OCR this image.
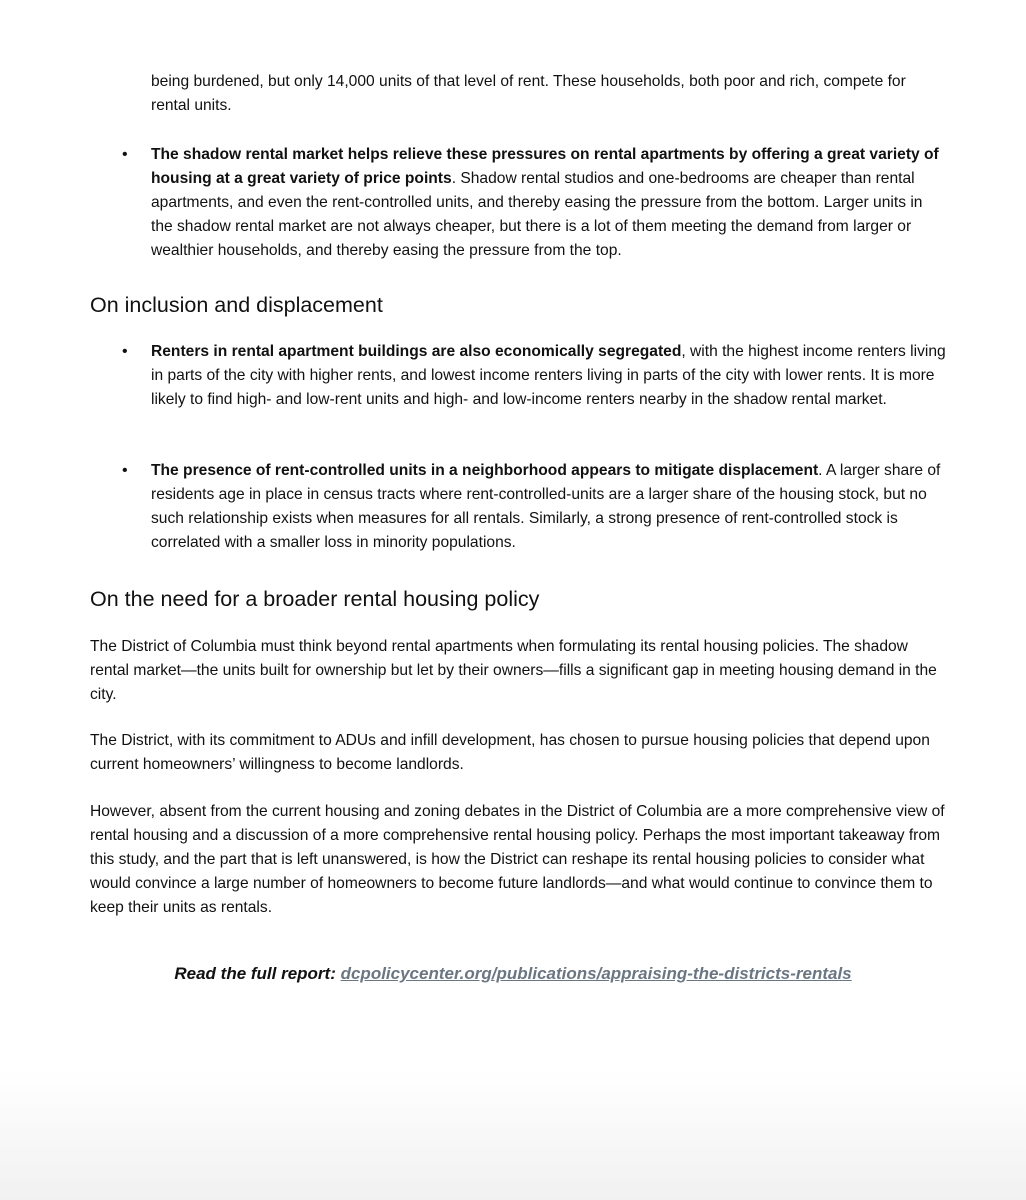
being burdened, but only 14,000 units of that level of rent. These households, both poor and rich, compete for rental units.
• The shadow rental market helps relieve these pressures on rental apartments by offering a great variety of housing at a great variety of price points. Shadow rental studios and one-bedrooms are cheaper than rental apartments, and even the rent-controlled units, and thereby easing the pressure from the bottom. Larger units in the shadow rental market are not always cheaper, but there is a lot of them meeting the demand from larger or wealthier households, and thereby easing the pressure from the top.
On inclusion and displacement
• Renters in rental apartment buildings are also economically segregated, with the highest income renters living in parts of the city with higher rents, and lowest income renters living in parts of the city with lower rents. It is more likely to find high- and low-rent units and high- and low-income renters nearby in the shadow rental market.
• The presence of rent-controlled units in a neighborhood appears to mitigate displacement. A larger share of residents age in place in census tracts where rent-controlled-units are a larger share of the housing stock, but no such relationship exists when measures for all rentals. Similarly, a strong presence of rent-controlled stock is correlated with a smaller loss in minority populations.
On the need for a broader rental housing policy

The District of Columbia must think beyond rental apartments when formulating its rental housing policies. The shadow rental market—the units built for ownership but let by their owners—fills a significant gap in meeting housing demand in the city.

The District, with its commitment to ADUs and infill development, has chosen to pursue housing policies that depend upon current homeowners’ willingness to become landlords.

However, absent from the current housing and zoning debates in the District of Columbia are a more comprehensive view of rental housing and a discussion of a more comprehensive rental housing policy. Perhaps the most important takeaway from this study, and the part that is left unanswered, is how the District can reshape its rental housing policies to consider what would convince a large number of homeowners to become future landlords—and what would continue to convince them to keep their units as rentals.

Read the full report: dcpolicycenter.org/publications/appraising-the-districts-rentals
